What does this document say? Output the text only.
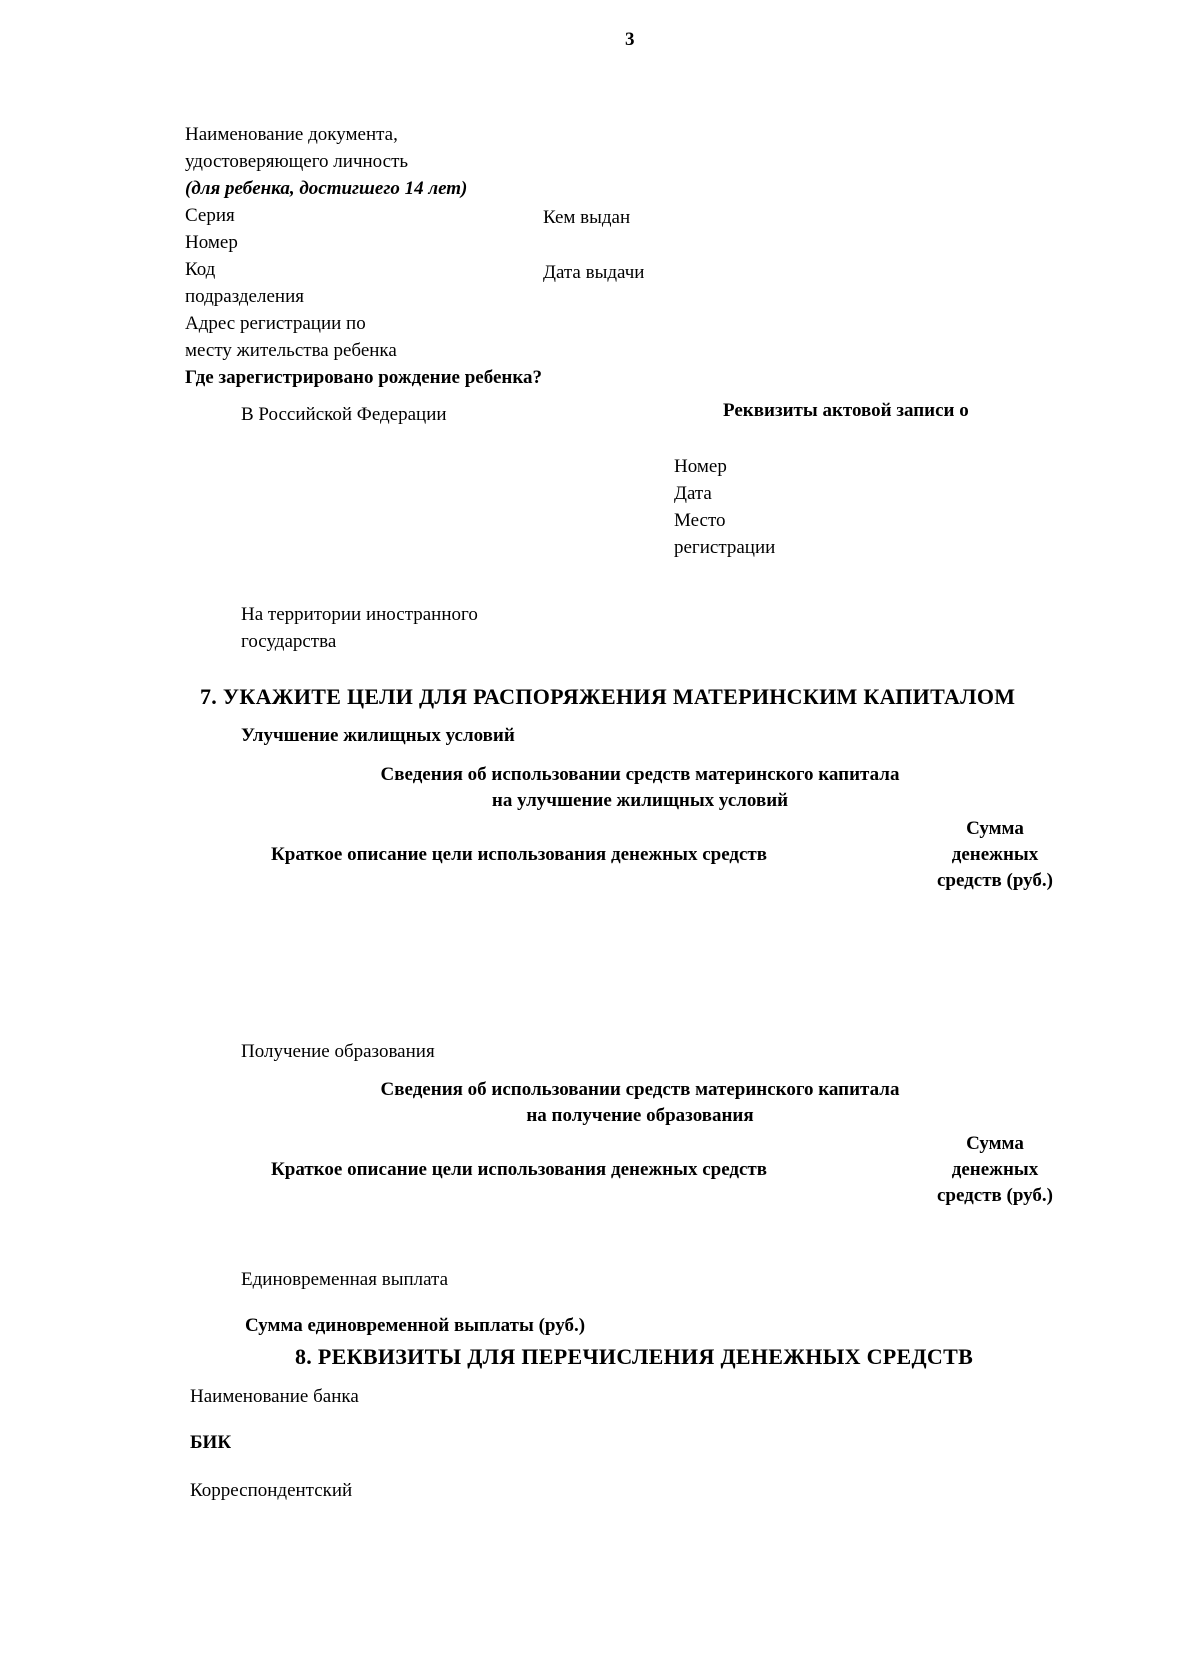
3
Наименование документа,
удостоверяющего личность
(для ребенка, достигшего 14 лет)
Серия	Кем выдан
Номер
Код	Дата выдачи
подразделения
Адрес регистрации по
месту жительства ребенка
Где зарегистрировано рождение ребенка?
В Российской Федерации	Реквизиты актовой записи о
Номер
Дата
Место
регистрации
На территории иностранного
государства
7. УКАЖИТЕ ЦЕЛИ ДЛЯ РАСПОРЯЖЕНИЯ МАТЕРИНСКИМ КАПИТАЛОМ
Улучшение жилищных условий
Сведения об использовании средств материнского капитала
на улучшение жилищных условий
Краткое описание цели использования денежных средств
Сумма
денежных
средств (руб.)
Получение образования
Сведения об использовании средств материнского капитала
на получение образования
Краткое описание цели использования денежных средств
Сумма
денежных
средств (руб.)
Единовременная выплата
Сумма единовременной выплаты (руб.)
8. РЕКВИЗИТЫ ДЛЯ ПЕРЕЧИСЛЕНИЯ ДЕНЕЖНЫХ СРЕДСТВ
Наименование банка
БИК
Корреспондентский
